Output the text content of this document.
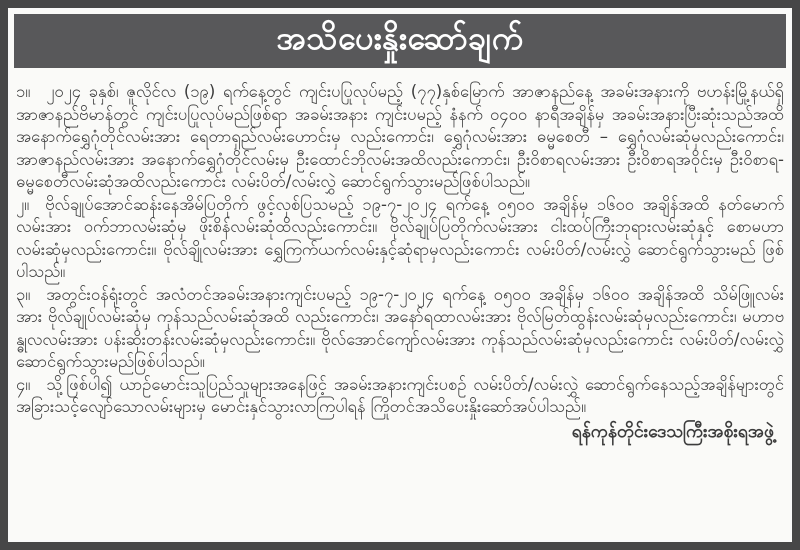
အသိပေးနှိုးဆော်ချက်

၁။ ၂၀၂၄ ခုနှစ်၊ ဇူလိုင်လ (၁၉) ရက်နေ့တွင် ကျင်းပပြုလုပ်မည့် (၇၇)နှစ်မြောက် အာဇာနည်နေ့ အခမ်းအနားကို ဗဟန်းမြို့နယ်ရှိ အာဇာနည်ဗိမာန်တွင် ကျင်းပပြုလုပ်မည်ဖြစ်ရာ အခမ်းအနား ကျင်းပမည့် နံနက် ၀၄၀၀ နာရီအချိန်မှ အခမ်းအနားပြီးဆုံးသည်အထိ အနောက်ရွှေဂုံတိုင်လမ်းအား ရေတာရှည်လမ်းဟောင်းမှ လည်းကောင်း၊ ရွှေဂုံလမ်းအား ဓမ္မစေတီ – ရွှေဂုံလမ်းဆုံမှလည်းကောင်း၊ အာဇာနည်လမ်းအား အနောက်ရွှေဂုံတိုင်လမ်းမှ ဦးထောင်ဘိုလမ်းအထိလည်းကောင်း၊ ဦးဝိစာရလမ်းအား ဦးဝိစာရအဝိုင်းမှ ဦးဝိစာရ-ဓမ္မစေတီလမ်းဆုံအထိလည်းကောင်း လမ်းပိတ်/လမ်းလွှဲ ဆောင်ရွက်သွားမည်ဖြစ်ပါသည်။

၂။ ဗိုလ်ချုပ်အောင်ဆန်းနေအိမ်ပြတိုက် ဖွင့်လှစ်ပြသမည့် ၁၉-၇-၂၀၂၄ ရက်နေ့ ၀၅၀၀ အချိန်မှ ၁၆၀၀ အချိန်အထိ နတ်မောက်လမ်းအား ဝက်ဘာလမ်းဆုံမှ ဖိုးစိန်လမ်းဆုံထိလည်းကောင်း။ ဗိုလ်ချုပ်ပြတိုက်လမ်းအား ငါးထပ်ကြီးဘုရားလမ်းဆုံနှင့် စောမဟာလမ်းဆုံမှလည်းကောင်း။ ဗိုလ်ချိုလမ်းအား ရွှေကြက်ယက်လမ်းနှင့်ဆုံရာမှလည်းကောင်း လမ်းပိတ်/လမ်းလွှဲ ဆောင်ရွက်သွားမည် ဖြစ်ပါသည်။

၃။ အတွင်းဝန်ရုံးတွင် အလံတင်အခမ်းအနားကျင်းပမည့် ၁၉-၇-၂၀၂၄ ရက်နေ့ ၀၅၀၀ အချိန်မှ ၁၆၀၀ အချိန်အထိ သိမ်ဖြူလမ်းအား ဗိုလ်ချုပ်လမ်းဆုံမှ ကုန်သည်လမ်းဆုံအထိ လည်းကောင်း၊ အနော်ရထာလမ်းအား ဗိုလ်မြတ်ထွန်းလမ်းဆုံမှလည်းကောင်း၊ မဟာဗန္ဓုလလမ်းအား ပန်းဆိုးတန်းလမ်းဆုံမှလည်းကောင်း။ ဗိုလ်အောင်ကျော်လမ်းအား ကုန်သည်လမ်းဆုံမှလည်းကောင်း လမ်းပိတ်/လမ်းလွှဲ ဆောင်ရွက်သွားမည်ဖြစ်ပါသည်။

၄။ သို့ဖြစ်ပါ၍ ယာဉ်မောင်းသူပြည်သူများအနေဖြင့် အခမ်းအနားကျင်းပစဉ် လမ်းပိတ်/လမ်းလွှဲ ဆောင်ရွက်နေသည့်အချိန်များတွင် အခြားသင့်လျော်သောလမ်းများမှ မောင်းနှင်သွားလာကြပါရန် ကြိုတင်အသိပေးနှိုးဆော်အပ်ပါသည်။

ရန်ကုန်တိုင်းဒေသကြီးအစိုးရအဖွဲ့
